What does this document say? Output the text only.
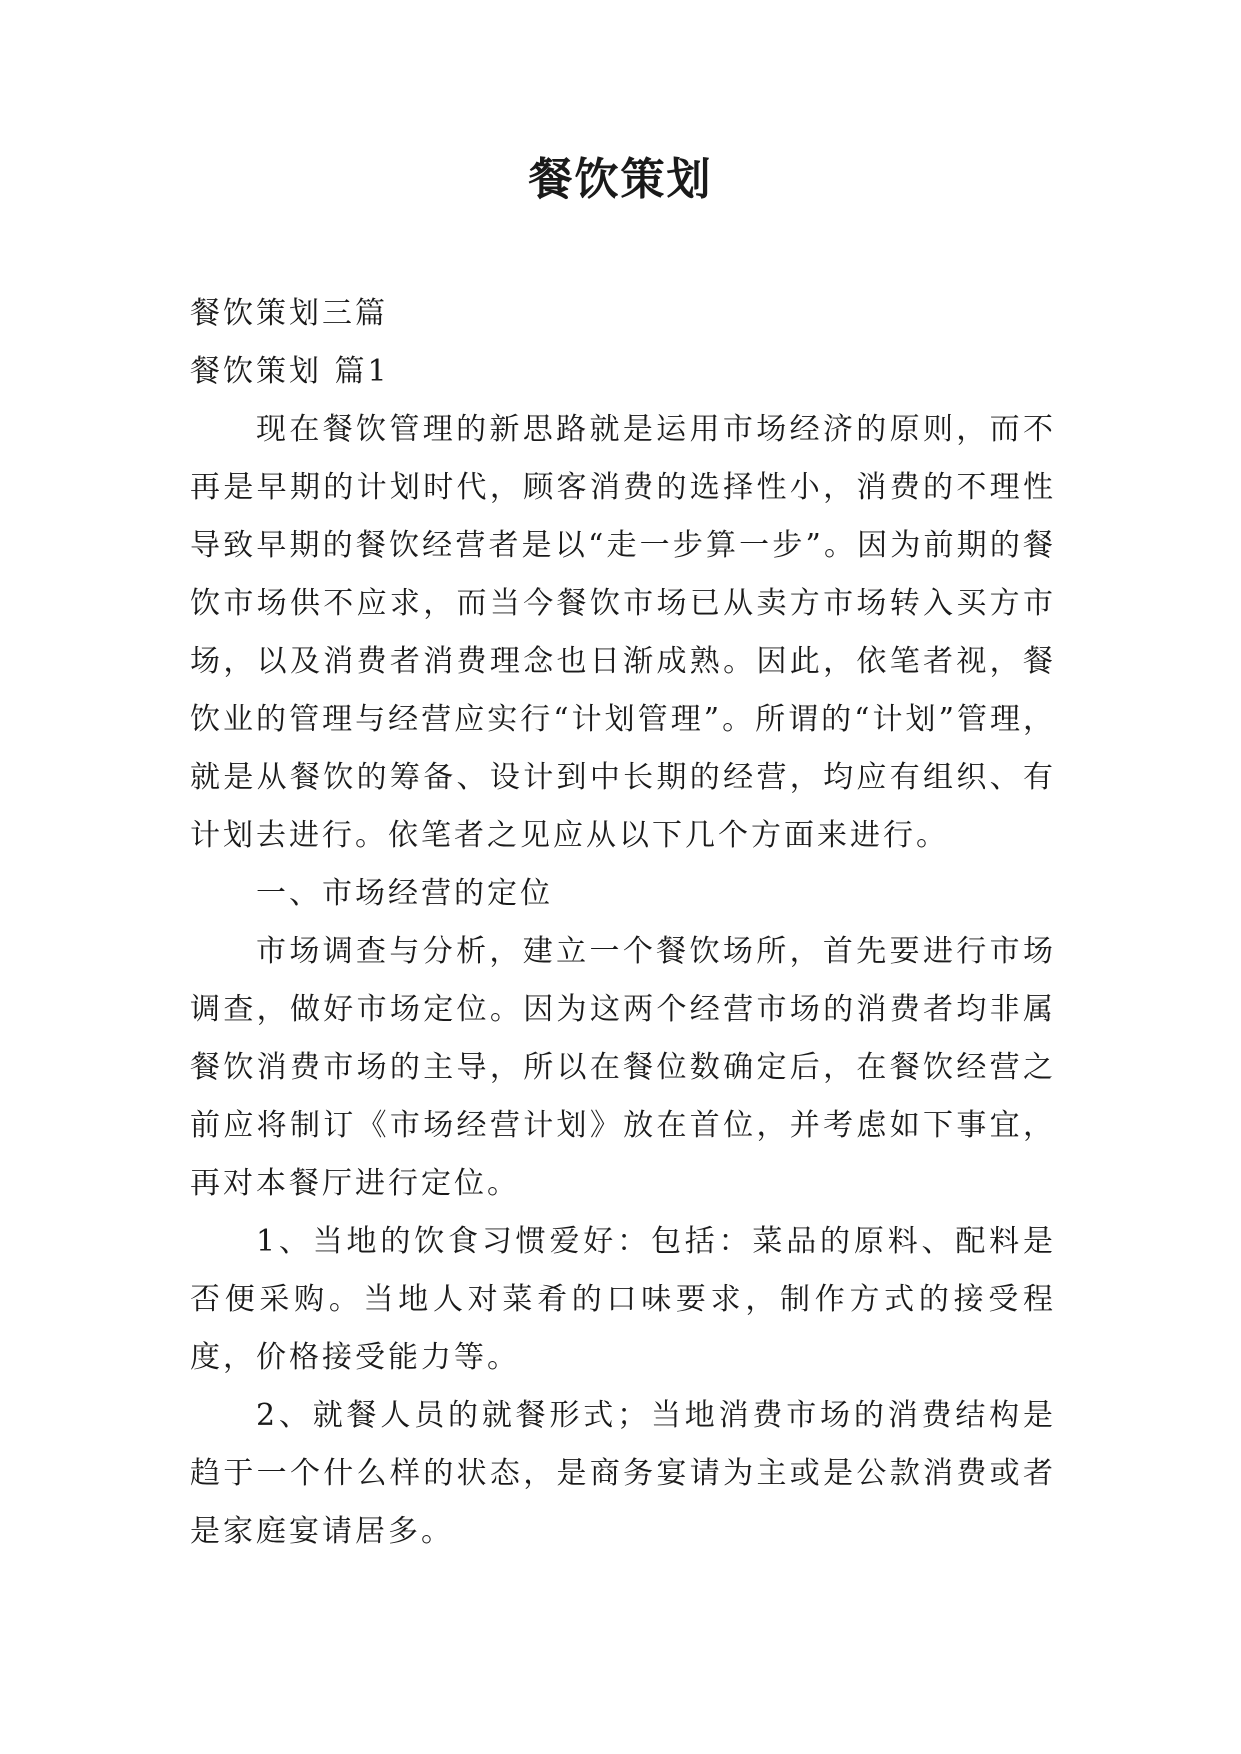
餐饮策划

餐饮策划三篇

餐饮策划 篇1

现在餐饮管理的新思路就是运用市场经济的原则，而不再是早期的计划时代，顾客消费的选择性小，消费的不理性导致早期的餐饮经营者是以“走一步算一步”。因为前期的餐饮市场供不应求，而当今餐饮市场已从卖方市场转入买方市场，以及消费者消费理念也日渐成熟。因此，依笔者视，餐饮业的管理与经营应实行“计划管理”。所谓的“计划”管理，就是从餐饮的筹备、设计到中长期的经营，均应有组织、有计划去进行。依笔者之见应从以下几个方面来进行。

一、市场经营的定位

市场调查与分析，建立一个餐饮场所，首先要进行市场调查，做好市场定位。因为这两个经营市场的消费者均非属餐饮消费市场的主导，所以在餐位数确定后，在餐饮经营之前应将制订《市场经营计划》放在首位，并考虑如下事宜，再对本餐厅进行定位。

1、当地的饮食习惯爱好：包括：菜品的原料、配料是否便采购。当地人对菜肴的口味要求，制作方式的接受程度，价格接受能力等。

2、就餐人员的就餐形式；当地消费市场的消费结构是趋于一个什么样的状态，是商务宴请为主或是公款消费或者是家庭宴请居多。
